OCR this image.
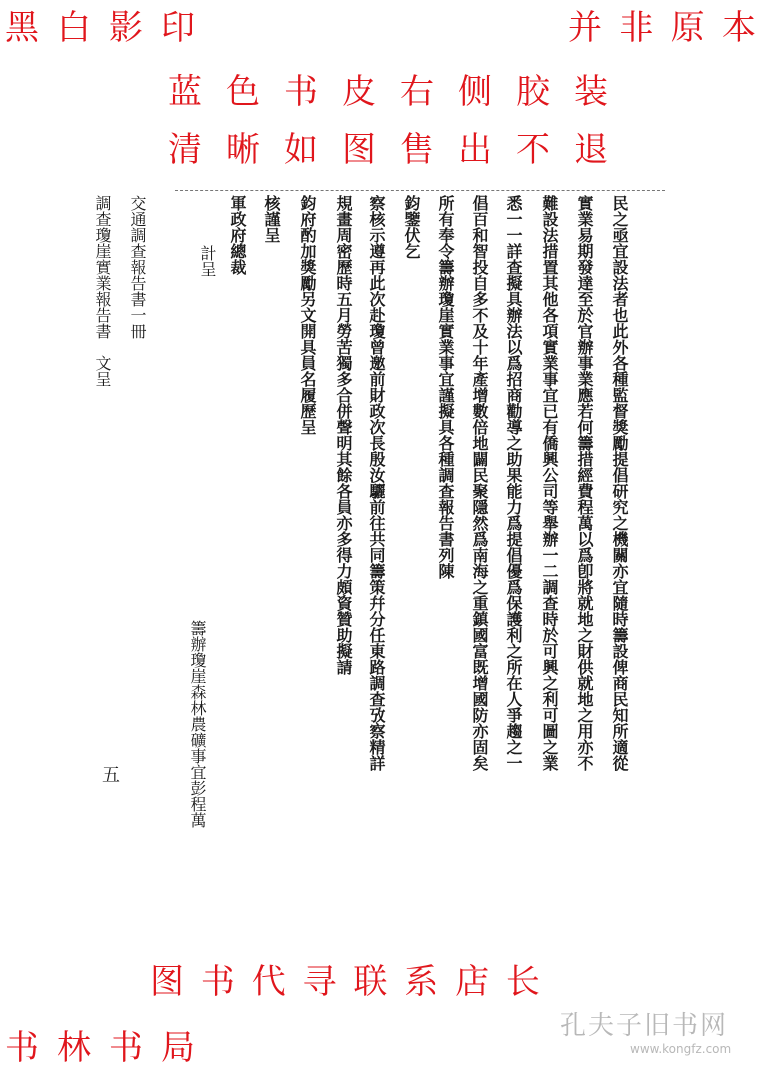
民之亟宜設法者也此外各種監督獎勵提倡研究之機關亦宜隨時籌設俾商民知所適從
實業易期發達至於官辦事業應若何籌措經費程萬以爲卽將就地之財供就地之用亦不
難設法措置其他各項實業事宜已有僑興公司等舉辦一二調查時於可興之利可圖之業
悉一一詳查擬具辦法以爲招商勸導之助果能力爲提倡優爲保護利之所在人爭趨之一
倡百和智投自多不及十年產增數倍地闢民聚隱然爲南海之重鎮國富既增國防亦固矣
所有奉令籌辦瓊崖實業事宜謹擬具各種調查報告書列陳
鈞鑒伏乞
察核示遵再此次赴瓊曾邀前財政次長殷汝驪前往共同籌策幷分任東路調查攷察精詳
規畫周密歷時五月勞苦獨多合併聲明其餘各員亦多得力頗資贊助擬請
鈞府酌加獎勵另文開具員名履歷呈
核謹呈
軍政府總裁
計呈
交通調查報告書一冊
調查瓊崖實業報告書　文呈
籌辦瓊崖森林農礦事宜彭程萬
五
黑 白 影 印	并 非 原 本
蓝 色 书 皮 右 侧 胶 装
清 晰 如 图 售 出 不 退
图 书 代 寻 联 系 店 长
书 林 书 局
孔夫子旧书网
www.kongfz.com
